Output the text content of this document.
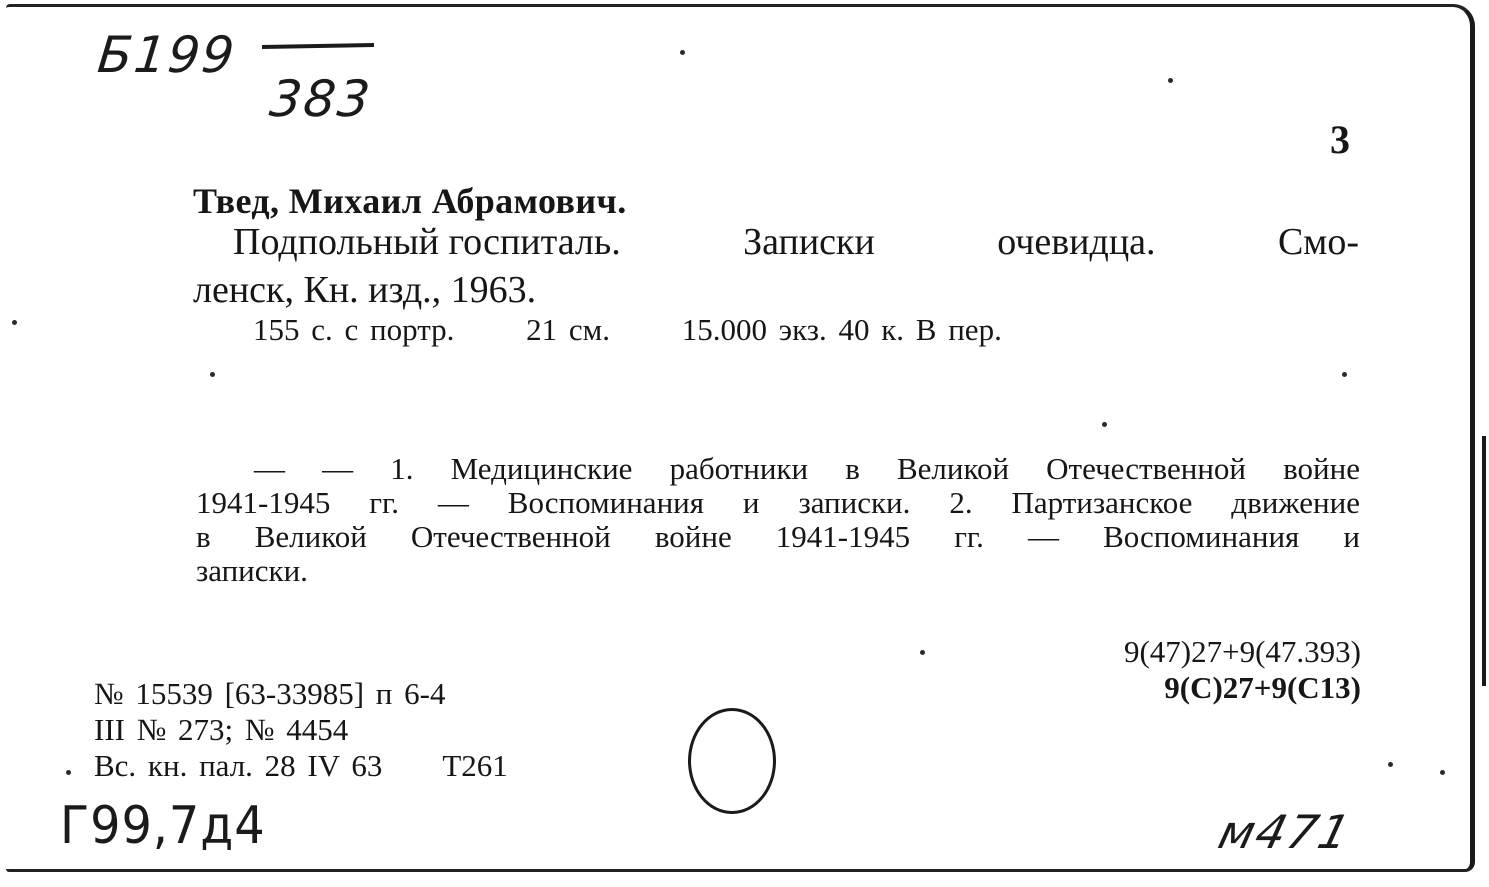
Б199
383
3
Твед, Михаил Абрамович.
Подпольный госпиталь.	Записки	очевидца.	Смо-
ленск, Кн. изд., 1963.
155 с. с портр. 21 см. 15.000 экз. 40 к. В пер.
— — 1. Медицинские работники в Великой Отечественной войне
1941-1945 гг. — Воспоминания и записки. 2. Партизанское движение
в Великой Отечественной войне 1941-1945 гг. — Воспоминания и
записки.
9(47)27+9(47.393)
9(С)27+9(С13)
№ 15539 [63-33985] п 6-4
III № 273; № 4454
Вс. кн. пал. 28 IV 63 Т261
Г99,7д4	м471
